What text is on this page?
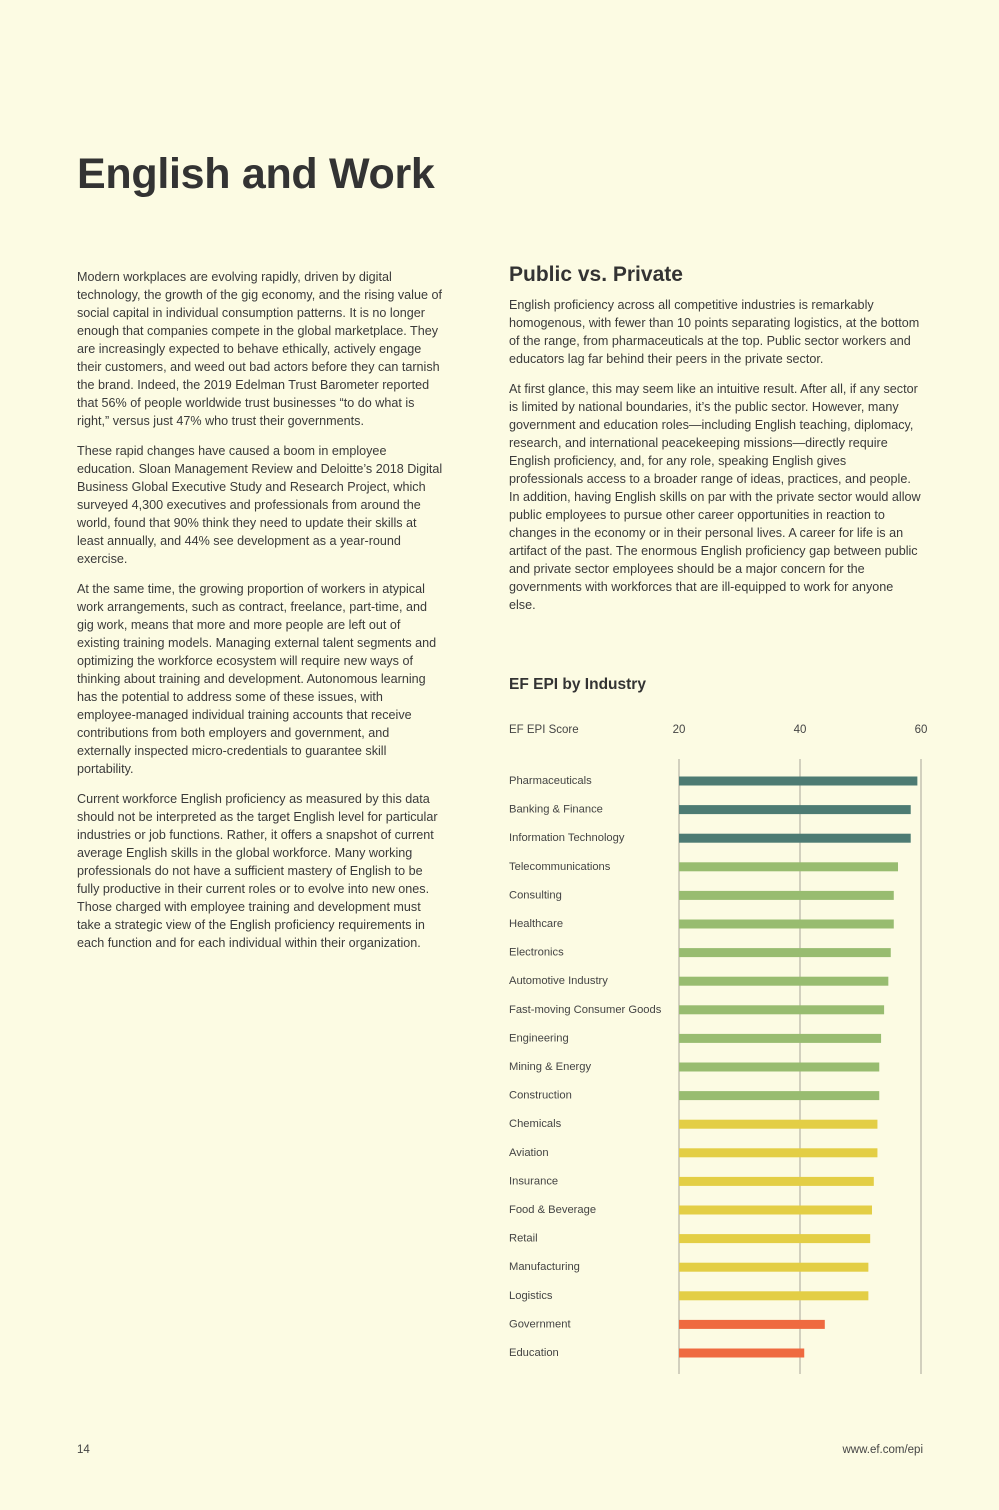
English and Work

Modern workplaces are evolving rapidly, driven by digital technology, the growth of the gig economy, and the rising value of social capital in individual consumption patterns. It is no longer enough that companies compete in the global marketplace. They are increasingly expected to behave ethically, actively engage their customers, and weed out bad actors before they can tarnish the brand. Indeed, the 2019 Edelman Trust Barometer reported that 56% of people worldwide trust businesses “to do what is right,” versus just 47% who trust their governments.

These rapid changes have caused a boom in employee education. Sloan Management Review and Deloitte’s 2018 Digital Business Global Executive Study and Research Project, which surveyed 4,300 executives and professionals from around the world, found that 90% think they need to update their skills at least annually, and 44% see development as a year-round exercise.

At the same time, the growing proportion of workers in atypical work arrangements, such as contract, freelance, part-time, and gig work, means that more and more people are left out of existing training models. Managing external talent segments and optimizing the workforce ecosystem will require new ways of thinking about training and development. Autonomous learning has the potential to address some of these issues, with employee-managed individual training accounts that receive contributions from both employers and government, and externally inspected micro-credentials to guarantee skill portability.

Current workforce English proficiency as measured by this data should not be interpreted as the target English level for particular industries or job functions. Rather, it offers a snapshot of current average English skills in the global workforce. Many working professionals do not have a sufficient mastery of English to be fully productive in their current roles or to evolve into new ones. Those charged with employee training and development must take a strategic view of the English proficiency requirements in each function and for each individual within their organization.

Public vs. Private

English proficiency across all competitive industries is remarkably homogenous, with fewer than 10 points separating logistics, at the bottom of the range, from pharmaceuticals at the top. Public sector workers and educators lag far behind their peers in the private sector.

At first glance, this may seem like an intuitive result. After all, if any sector is limited by national boundaries, it’s the public sector. However, many government and education roles—including English teaching, diplomacy, research, and international peacekeeping missions—directly require English proficiency, and, for any role, speaking English gives professionals access to a broader range of ideas, practices, and people. In addition, having English skills on par with the private sector would allow public employees to pursue other career opportunities in reaction to changes in the economy or in their personal lives. A career for life is an artifact of the past. The enormous English proficiency gap between public and private sector employees should be a major concern for the governments with workforces that are ill-equipped to work for anyone else.

EF EPI by Industry
EF EPI Score	20	40	60
Pharmaceuticals
Banking & Finance
Information Technology
Telecommunications
Consulting
Healthcare
Electronics
Automotive Industry
Fast-moving Consumer Goods
Engineering
Mining & Energy
Construction
Chemicals
Aviation
Insurance
Food & Beverage
Retail
Manufacturing
Logistics
Government
Education
14	www.ef.com/epi
